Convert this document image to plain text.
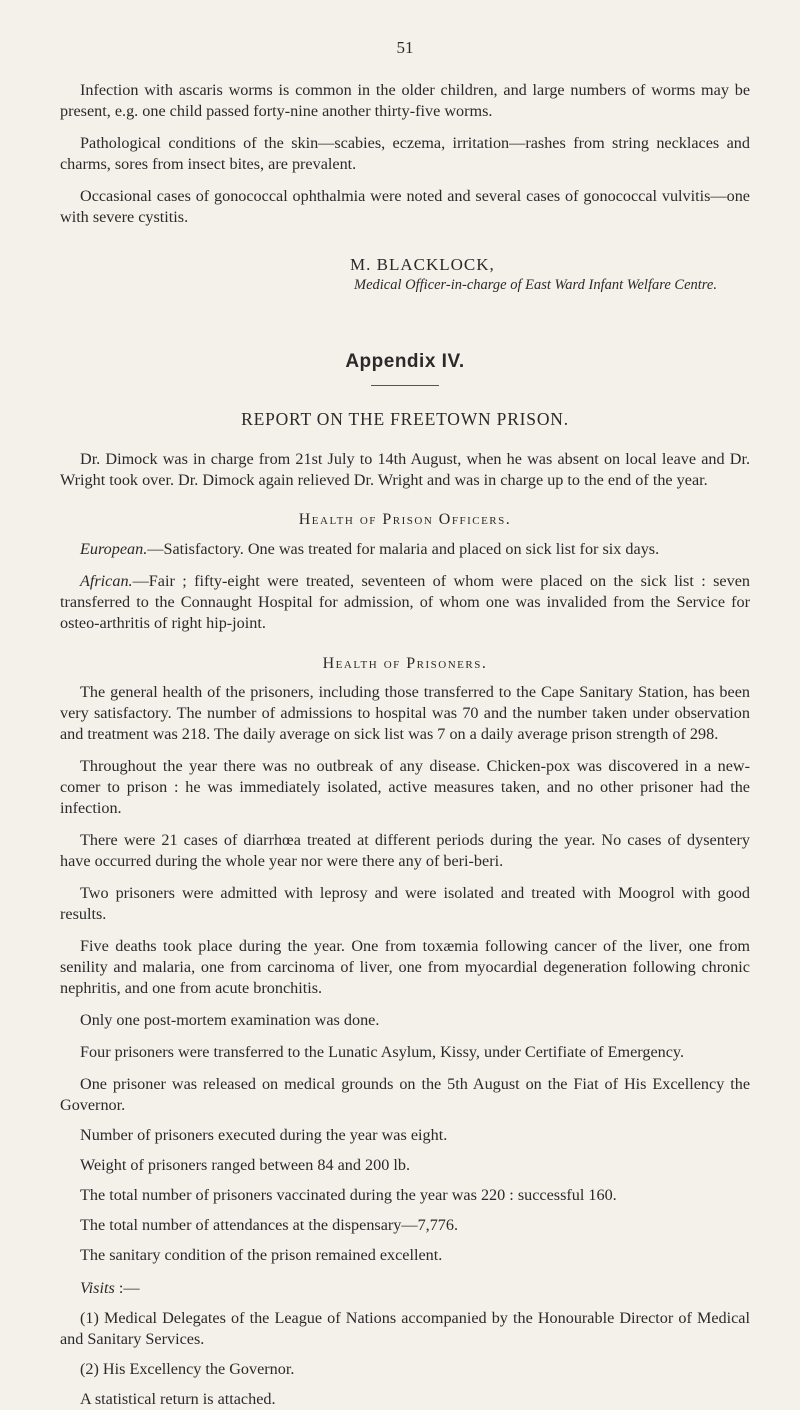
51

Infection with ascaris worms is common in the older children, and large numbers of worms may be present, e.g. one child passed forty-nine another thirty-five worms.

Pathological conditions of the skin—scabies, eczema, irritation—rashes from string necklaces and charms, sores from insect bites, are prevalent.

Occasional cases of gonococcal ophthalmia were noted and several cases of gonococcal vulvitis—one with severe cystitis.

M. BLACKLOCK,
Medical Officer-in-charge of East Ward Infant Welfare Centre.
Appendix IV.
REPORT ON THE FREETOWN PRISON.

Dr. Dimock was in charge from 21st July to 14th August, when he was absent on local leave and Dr. Wright took over. Dr. Dimock again relieved Dr. Wright and was in charge up to the end of the year.

Health of Prison Officers.

European.—Satisfactory. One was treated for malaria and placed on sick list for six days.

African.—Fair ; fifty-eight were treated, seventeen of whom were placed on the sick list : seven transferred to the Connaught Hospital for admission, of whom one was invalided from the Service for osteo-arthritis of right hip-joint.

Health of Prisoners.

The general health of the prisoners, including those transferred to the Cape Sanitary Station, has been very satisfactory. The number of admissions to hospital was 70 and the number taken under observation and treatment was 218. The daily average on sick list was 7 on a daily average prison strength of 298.

Throughout the year there was no outbreak of any disease. Chicken-pox was discovered in a new-comer to prison : he was immediately isolated, active measures taken, and no other prisoner had the infection.

There were 21 cases of diarrhœa treated at different periods during the year. No cases of dysentery have occurred during the whole year nor were there any of beri-beri.

Two prisoners were admitted with leprosy and were isolated and treated with Moogrol with good results.

Five deaths took place during the year. One from toxæmia following cancer of the liver, one from senility and malaria, one from carcinoma of liver, one from myocardial degeneration following chronic nephritis, and one from acute bronchitis.

Only one post-mortem examination was done.

Four prisoners were transferred to the Lunatic Asylum, Kissy, under Certifiate of Emergency.

One prisoner was released on medical grounds on the 5th August on the Fiat of His Excellency the Governor.

Number of prisoners executed during the year was eight.

Weight of prisoners ranged between 84 and 200 lb.

The total number of prisoners vaccinated during the year was 220 : successful 160.

The total number of attendances at the dispensary—7,776.

The sanitary condition of the prison remained excellent.

Visits :—

(1) Medical Delegates of the League of Nations accompanied by the Honourable Director of Medical and Sanitary Services.

(2) His Excellency the Governor.

A statistical return is attached.
